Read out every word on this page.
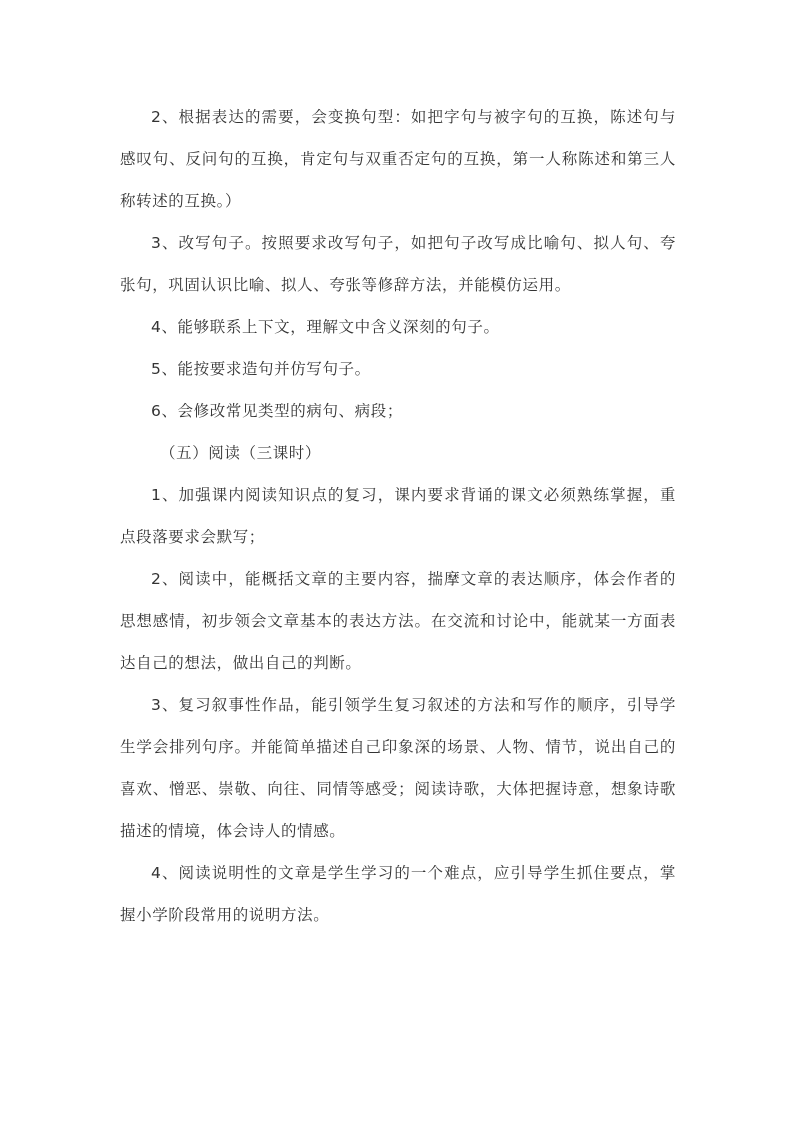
2、根据表达的需要，会变换句型：如把字句与被字句的互换，陈述句与感叹句、反问句的互换，肯定句与双重否定句的互换，第一人称陈述和第三人称转述的互换。）

3、改写句子。按照要求改写句子，如把句子改写成比喻句、拟人句、夸张句，巩固认识比喻、拟人、夸张等修辞方法，并能模仿运用。

4、能够联系上下文，理解文中含义深刻的句子。

5、能按要求造句并仿写句子。

6、会修改常见类型的病句、病段；

（五）阅读（三课时）

1、加强课内阅读知识点的复习，课内要求背诵的课文必须熟练掌握，重点段落要求会默写；

2、阅读中，能概括文章的主要内容，揣摩文章的表达顺序，体会作者的思想感情，初步领会文章基本的表达方法。在交流和讨论中，能就某一方面表达自己的想法，做出自己的判断。

3、复习叙事性作品，能引领学生复习叙述的方法和写作的顺序，引导学生学会排列句序。并能简单描述自己印象深的场景、人物、情节，说出自己的喜欢、憎恶、崇敬、向往、同情等感受；阅读诗歌，大体把握诗意，想象诗歌描述的情境，体会诗人的情感。

4、阅读说明性的文章是学生学习的一个难点，应引导学生抓住要点，掌握小学阶段常用的说明方法。
